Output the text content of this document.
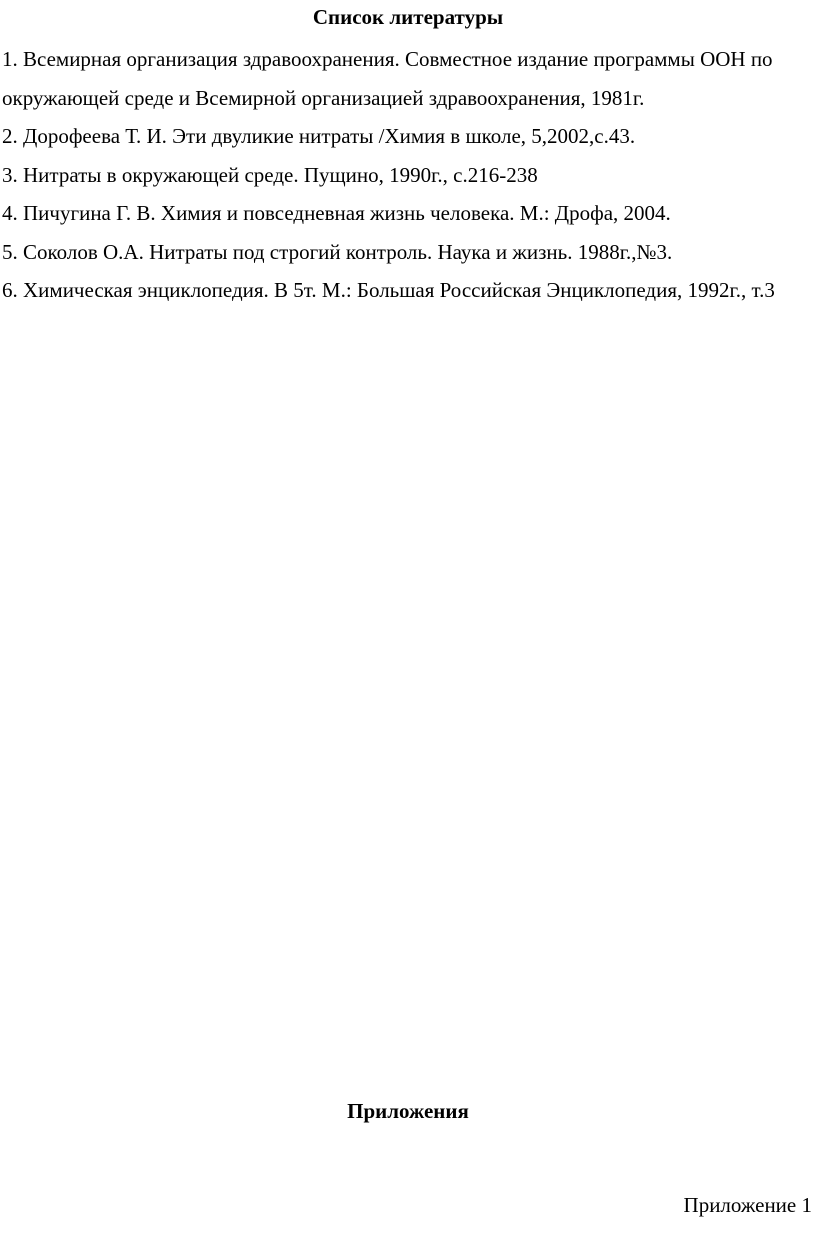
Список литературы
1. Всемирная организация здравоохранения. Совместное издание программы ООН по окружающей среде и Всемирной организацией здравоохранения, 1981г.
2. Дорофеева Т. И. Эти двуликие нитраты /Химия в школе, 5,2002,с.43.
3. Нитраты в окружающей среде. Пущино, 1990г., с.216-238
4. Пичугина Г. В. Химия и повседневная жизнь человека. М.: Дрофа, 2004.
5. Соколов О.А. Нитраты под строгий контроль. Наука и жизнь. 1988г.,№3.
6. Химическая энциклопедия. В 5т. М.: Большая Российская Энциклопедия, 1992г., т.3
Приложения
Приложение 1
